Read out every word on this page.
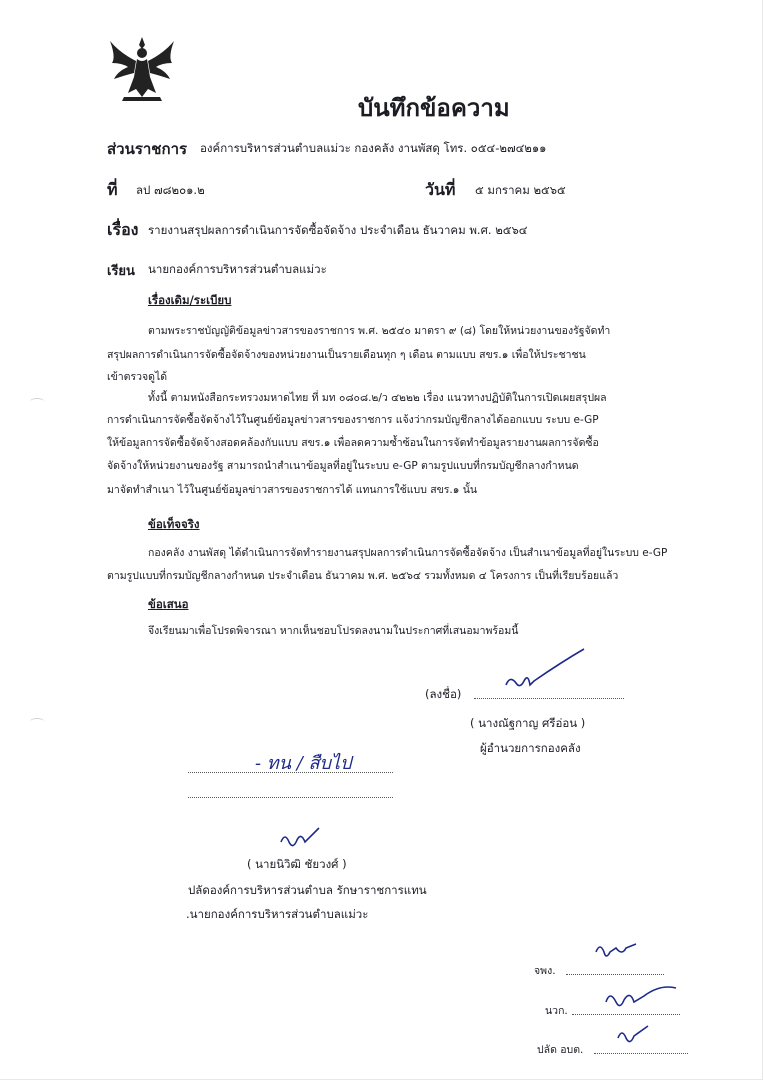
บันทึกข้อความ
ส่วนราชการ องค์การบริหารส่วนตำบลแม่วะ กองคลัง งานพัสดุ โทร. ๐๕๔-๒๗๔๒๑๑
ที่ ลป ๗๘๒๐๑.๒	วันที่ ๕ มกราคม ๒๕๖๕
เรื่อง รายงานสรุปผลการดำเนินการจัดซื้อจัดจ้าง ประจำเดือน ธันวาคม พ.ศ. ๒๕๖๔
เรียน นายกองค์การบริหารส่วนตำบลแม่วะ
เรื่องเดิม/ระเบียบ
ตามพระราชบัญญัติข้อมูลข่าวสารของราชการ พ.ศ. ๒๕๔๐ มาตรา ๙ (๘) โดยให้หน่วยงานของรัฐจัดทำ
สรุปผลการดำเนินการจัดซื้อจัดจ้างของหน่วยงานเป็นรายเดือนทุก ๆ เดือน ตามแบบ สขร.๑ เพื่อให้ประชาชน
เข้าตรวจดูได้
ทั้งนี้ ตามหนังสือกระทรวงมหาดไทย ที่ มท ๐๘๐๘.๒/ว ๔๒๒๒ เรื่อง แนวทางปฏิบัติในการเปิดเผยสรุปผล
การดำเนินการจัดซื้อจัดจ้างไว้ในศูนย์ข้อมูลข่าวสารของราชการ แจ้งว่ากรมบัญชีกลางได้ออกแบบ ระบบ e-GP
ให้ข้อมูลการจัดซื้อจัดจ้างสอดคล้องกับแบบ สขร.๑ เพื่อลดความซ้ำซ้อนในการจัดทำข้อมูลรายงานผลการจัดซื้อ
จัดจ้างให้หน่วยงานของรัฐ สามารถนำสำเนาข้อมูลที่อยู่ในระบบ e-GP ตามรูปแบบที่กรมบัญชีกลางกำหนด
มาจัดทำสำเนา ไว้ในศูนย์ข้อมูลข่าวสารของราชการได้ แทนการใช้แบบ สขร.๑ นั้น
ข้อเท็จจริง
กองคลัง งานพัสดุ ได้ดำเนินการจัดทำรายงานสรุปผลการดำเนินการจัดซื้อจัดจ้าง เป็นสำเนาข้อมูลที่อยู่ในระบบ e-GP
ตามรูปแบบที่กรมบัญชีกลางกำหนด ประจำเดือน ธันวาคม พ.ศ. ๒๕๖๔ รวมทั้งหมด ๔ โครงการ เป็นที่เรียบร้อยแล้ว
ข้อเสนอ
จึงเรียนมาเพื่อโปรดพิจารณา หากเห็นชอบโปรดลงนามในประกาศที่เสนอมาพร้อมนี้
(ลงชื่อ)
( นางณัฐกาญ ศรีอ่อน )
ผู้อำนวยการกองคลัง
- ทน / สืบไป
( นายนิวิฒิ ชัยวงศ์ )
ปลัดองค์การบริหารส่วนตำบล รักษาราชการแทน
.นายกองค์การบริหารส่วนตำบลแม่วะ
จพง.
นวก.
ปลัด อบต.
